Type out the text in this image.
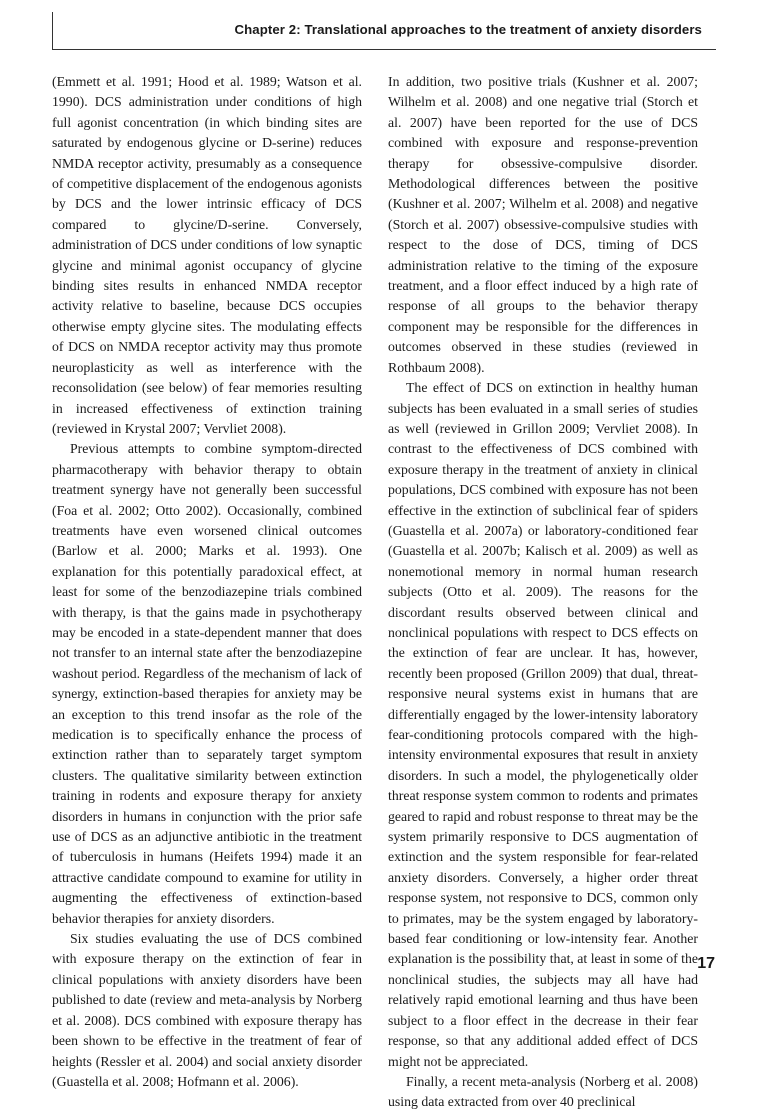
Chapter 2: Translational approaches to the treatment of anxiety disorders

(Emmett et al. 1991; Hood et al. 1989; Watson et al. 1990). DCS administration under conditions of high full agonist concentration (in which binding sites are saturated by endogenous glycine or D-serine) reduces NMDA receptor activity, presumably as a consequence of competitive displacement of the endogenous agonists by DCS and the lower intrinsic efficacy of DCS compared to glycine/D-serine. Conversely, administration of DCS under conditions of low synaptic glycine and minimal agonist occupancy of glycine binding sites results in enhanced NMDA receptor activity relative to baseline, because DCS occupies otherwise empty glycine sites. The modulating effects of DCS on NMDA receptor activity may thus promote neuroplasticity as well as interference with the reconsolidation (see below) of fear memories resulting in increased effectiveness of extinction training (reviewed in Krystal 2007; Vervliet 2008).

Previous attempts to combine symptom-directed pharmacotherapy with behavior therapy to obtain treatment synergy have not generally been successful (Foa et al. 2002; Otto 2002). Occasionally, combined treatments have even worsened clinical outcomes (Barlow et al. 2000; Marks et al. 1993). One explanation for this potentially paradoxical effect, at least for some of the benzodiazepine trials combined with therapy, is that the gains made in psychotherapy may be encoded in a state-dependent manner that does not transfer to an internal state after the benzodiazepine washout period. Regardless of the mechanism of lack of synergy, extinction-based therapies for anxiety may be an exception to this trend insofar as the role of the medication is to specifically enhance the process of extinction rather than to separately target symptom clusters. The qualitative similarity between extinction training in rodents and exposure therapy for anxiety disorders in humans in conjunction with the prior safe use of DCS as an adjunctive antibiotic in the treatment of tuberculosis in humans (Heifets 1994) made it an attractive candidate compound to examine for utility in augmenting the effectiveness of extinction-based behavior therapies for anxiety disorders.

Six studies evaluating the use of DCS combined with exposure therapy on the extinction of fear in clinical populations with anxiety disorders have been published to date (review and meta-analysis by Norberg et al. 2008). DCS combined with exposure therapy has been shown to be effective in the treatment of fear of heights (Ressler et al. 2004) and social anxiety disorder (Guastella et al. 2008; Hofmann et al. 2006).

In addition, two positive trials (Kushner et al. 2007; Wilhelm et al. 2008) and one negative trial (Storch et al. 2007) have been reported for the use of DCS combined with exposure and response-prevention therapy for obsessive-compulsive disorder. Methodological differences between the positive (Kushner et al. 2007; Wilhelm et al. 2008) and negative (Storch et al. 2007) obsessive-compulsive studies with respect to the dose of DCS, timing of DCS administration relative to the timing of the exposure treatment, and a floor effect induced by a high rate of response of all groups to the behavior therapy component may be responsible for the differences in outcomes observed in these studies (reviewed in Rothbaum 2008).

The effect of DCS on extinction in healthy human subjects has been evaluated in a small series of studies as well (reviewed in Grillon 2009; Vervliet 2008). In contrast to the effectiveness of DCS combined with exposure therapy in the treatment of anxiety in clinical populations, DCS combined with exposure has not been effective in the extinction of subclinical fear of spiders (Guastella et al. 2007a) or laboratory-conditioned fear (Guastella et al. 2007b; Kalisch et al. 2009) as well as nonemotional memory in normal human research subjects (Otto et al. 2009). The reasons for the discordant results observed between clinical and nonclinical populations with respect to DCS effects on the extinction of fear are unclear. It has, however, recently been proposed (Grillon 2009) that dual, threat-responsive neural systems exist in humans that are differentially engaged by the lower-intensity laboratory fear-conditioning protocols compared with the high-intensity environmental exposures that result in anxiety disorders. In such a model, the phylogenetically older threat response system common to rodents and primates geared to rapid and robust response to threat may be the system primarily responsive to DCS augmentation of extinction and the system responsible for fear-related anxiety disorders. Conversely, a higher order threat response system, not responsive to DCS, common only to primates, may be the system engaged by laboratory-based fear conditioning or low-intensity fear. Another explanation is the possibility that, at least in some of the nonclinical studies, the subjects may all have had relatively rapid emotional learning and thus have been subject to a floor effect in the decrease in their fear response, so that any additional added effect of DCS might not be appreciated.

Finally, a recent meta-analysis (Norberg et al. 2008) using data extracted from over 40 preclinical

17
